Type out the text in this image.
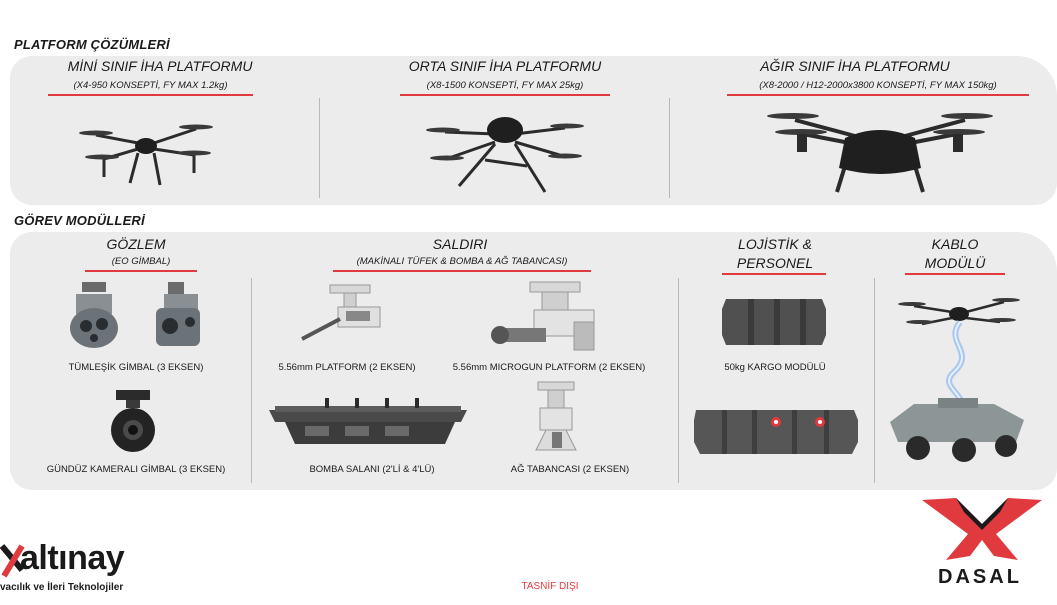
PLATFORM ÇÖZÜMLERİ
MİNİ SINIF İHA PLATFORMU
(X4-950 KONSEPTİ, FY MAX 1.2kg)
ORTA SINIF İHA PLATFORMU
(X8-1500 KONSEPTİ, FY MAX 25kg)
AĞIR SINIF İHA PLATFORMU
(X8-2000 / H12-2000x3800 KONSEPTİ, FY MAX 150kg)
GÖREV MODÜLLERİ
GÖZLEM
(EO GİMBAL)
TÜMLEŞİK GİMBAL (3 EKSEN)
GÜNDÜZ KAMERALI GİMBAL (3 EKSEN)
SALDIRI
(MAKİNALI TÜFEK & BOMBA & AĞ TABANCASI)
5.56mm PLATFORM (2 EKSEN)	5.56mm MICROGUN PLATFORM (2 EKSEN)
BOMBA SALANI (2'Lİ & 4'LÜ)	AĞ TABANCASI (2 EKSEN)
LOJİSTİK &
PERSONEL
50kg KARGO MODÜLÜ
KABLO
MODÜLÜ
altınay
vacılık ve İleri Teknolojiler	TASNİF DIŞI	DASAL
